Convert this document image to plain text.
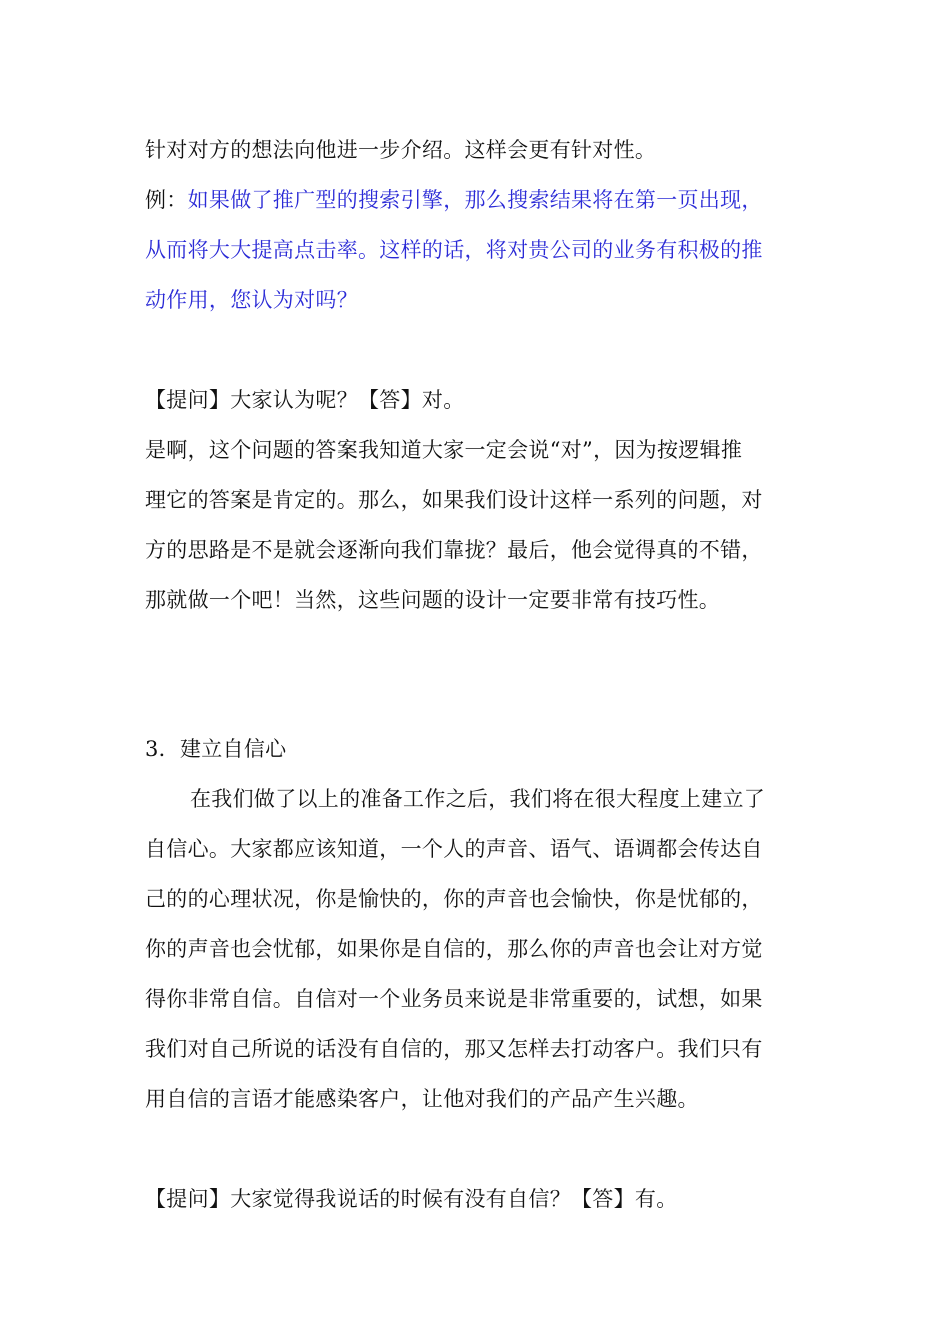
针对对方的想法向他进一步介绍。这样会更有针对性。
例：如果做了推广型的搜索引擎，那么搜索结果将在第一页出现，
从而将大大提高点击率。这样的话，将对贵公司的业务有积极的推
动作用，您认为对吗？
【提问】大家认为呢？【答】对。
是啊，这个问题的答案我知道大家一定会说“对”，因为按逻辑推
理它的答案是肯定的。那么，如果我们设计这样一系列的问题，对
方的思路是不是就会逐渐向我们靠拢？最后，他会觉得真的不错，
那就做一个吧！当然，这些问题的设计一定要非常有技巧性。
3．建立自信心
在我们做了以上的准备工作之后，我们将在很大程度上建立了
自信心。大家都应该知道，一个人的声音、语气、语调都会传达自
己的的心理状况，你是愉快的，你的声音也会愉快，你是忧郁的，
你的声音也会忧郁，如果你是自信的，那么你的声音也会让对方觉
得你非常自信。自信对一个业务员来说是非常重要的，试想，如果
我们对自己所说的话没有自信的，那又怎样去打动客户。我们只有
用自信的言语才能感染客户，让他对我们的产品产生兴趣。
【提问】大家觉得我说话的时候有没有自信？【答】有。
